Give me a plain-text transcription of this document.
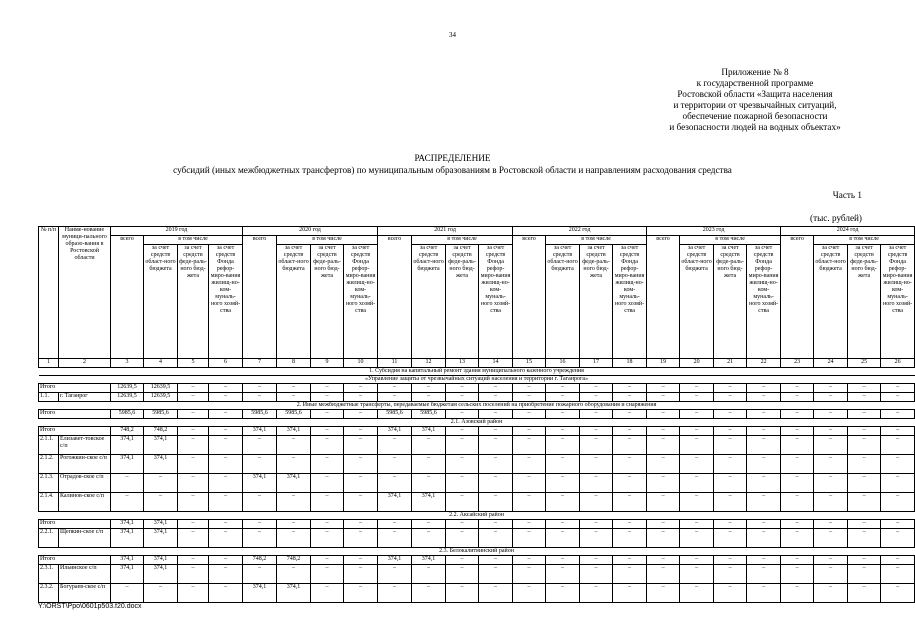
34
Приложение № 8
к государственной программе
Ростовской области «Защита населения
и территории от чрезвычайных ситуаций,
обеспечение пожарной безопасности
и безопасности людей на водных объектах»
РАСПРЕДЕЛЕНИЕ
субсидий (иных межбюджетных трансфертов) по муниципальным образованиям в Ростовской области и направлениям расходования средства
Часть 1
(тыс. рублей)
№ п/п	Наиме-нование муници-пального образо-вания в Ростовской области	2019 год				2020 год				2021 год				2022 год				2023 год				2024 год			
		всего	в том числе			всего	в том числе			всего	в том числе			всего	в том числе			всего	в том числе			всего	в том числе		
			за счет средств област-ного бюджета	за счет средств феде-раль-ного бюд-жета	за счет средств Фонда рефор-миро-вания жилищ-но-ком-муналь-ного хозяй-ства		за счет средств област-ного бюджета	за счет средств феде-раль-ного бюд-жета	за счет средств Фонда рефор-миро-вания жилищ-но-ком-муналь-ного хозяй-ства		за счет средств област-ного бюджета	за счет средств феде-раль-ного бюд-жета	за счет средств Фонда рефор-миро-вания жилищ-но-ком-муналь-ного хозяй-ства		за счет средств област-ного бюджета	за счет средств феде-раль-ного бюд-жета	за счет средств Фонда рефор-миро-вания жилищ-но-ком-муналь-ного хозяй-ства		за счет средств област-ного бюджета	за счет средств феде-раль-ного бюд-жета	за счет средств Фонда рефор-миро-вания жилищ-но-ком-муналь-ного хозяй-ства		за счет средств област-ного бюджета	за счет средств феде-раль-ного бюд-жета	за счет средств Фонда рефор-миро-вания жилищ-но-ком-муналь-ного хозяй-ства
1	2	3	4	5	6	7	8	9	10	11	12	13	14	15	16	17	18	19	20	21	22	23	24	25	26
1. Субсидия на капитальный ремонт здания муниципального казенного учреждения																									
«Управление защиты от чрезвычайных ситуаций населения и территории г. Таганрога»																									
Итого		12639,5	12639,5	–	–	–	–	–	–	–	–	–	–	–	–	–	–	–	–	–	–	–	–	–	–
1.1.	г. Таганрог	12639,5	12639,5	–	–	–	–	–	–	–	–	–	–	–	–	–	–	–	–	–	–	–	–	–	–
2. Иные межбюджетные трансферты, передаваемые бюджетам сельских поселений на приобретение пожарного оборудования и снаряжения																									
Итого		5985,6	5985,6	–	–	5985,6	5985,6	–	–	5985,6	5985,6	–	–	–	–	–	–	–	–	–	–	–	–	–	–
2.1. Азовский район																									
Итого		748,2	748,2	–	–	374,1	374,1	–	–	374,1	374,1	–	–	–	–	–	–	–	–	–	–	–	–	–	–
2.1.1.	Елизавет-товское с/п	374,1	374,1	–	–	–	–	–	–	–	–	–	–	–	–	–	–	–	–	–	–	–	–	–	–
2.1.2.	Рогожкин-ское с/п	374,1	374,1	–	–	–	–	–	–	–	–	–	–	–	–	–	–	–	–	–	–	–	–	–	–
2.1.3.	Отрадов-ское с/п	–	–	–	–	374,1	374,1	–	–	–	–	–	–	–	–	–	–	–	–	–	–	–	–	–	–
2.1.4.	Калинов-ское с/п	–	–	–	–	–	–	–	–	374,1	374,1	–	–	–	–	–	–	–	–	–	–	–	–	–	–
2.2. Аксайский район																									
Итого		374,1	374,1	–	–	–	–	–	–	–	–	–	–	–	–	–	–	–	–	–	–	–	–	–	–
2.2.1.	Щепкин-ское с/п	374,1	374,1	–	–	–	–	–	–	–	–	–	–	–	–	–	–	–	–	–	–	–	–	–	–
2.3. Белокалитвинский район																									
Итого		374,1	374,1	–	–	748,2	748,2	–	–	374,1	374,1	–	–	–	–	–	–	–	–	–	–	–	–	–	–
2.3.1.	Ильинское с/п	374,1	374,1	–	–	–	–	–	–	–	–	–	–	–	–	–	–	–	–	–	–	–	–	–	–
2.3.2.	Богураев-ское с/п	–	–	–	–	374,1	374,1	–	–	–	–	–	–	–	–	–	–	–	–	–	–	–	–	–	–
Y:\ORST\Ppo\0601p503.f20.docx
